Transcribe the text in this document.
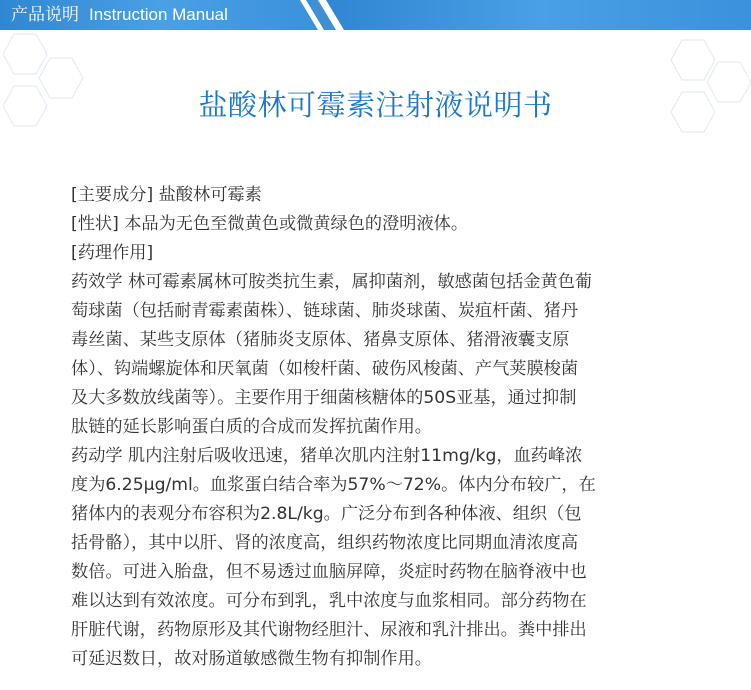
产品说明 Instruction Manual
盐酸林可霉素注射液说明书

[主要成分] 盐酸林可霉素

[性状] 本品为无色至微黄色或微黄绿色的澄明液体。

[药理作用]

药效学 林可霉素属林可胺类抗生素，属抑菌剂，敏感菌包括金黄色葡
萄球菌（包括耐青霉素菌株）、链球菌、肺炎球菌、炭疽杆菌、猪丹
毒丝菌、某些支原体（猪肺炎支原体、猪鼻支原体、猪滑液囊支原
体）、钩端螺旋体和厌氧菌（如梭杆菌、破伤风梭菌、产气荚膜梭菌
及大多数放线菌等）。主要作用于细菌核糖体的50S亚基，通过抑制
肽链的延长影响蛋白质的合成而发挥抗菌作用。

药动学 肌内注射后吸收迅速，猪单次肌内注射11mg/kg，血药峰浓
度为6.25μg/ml。血浆蛋白结合率为57%～72%。体内分布较广，在
猪体内的表观分布容积为2.8L/kg。广泛分布到各种体液、组织（包
括骨骼），其中以肝、肾的浓度高，组织药物浓度比同期血清浓度高
数倍。可进入胎盘，但不易透过血脑屏障，炎症时药物在脑脊液中也
难以达到有效浓度。可分布到乳，乳中浓度与血浆相同。部分药物在
肝脏代谢，药物原形及其代谢物经胆汁、尿液和乳汁排出。粪中排出
可延迟数日，故对肠道敏感微生物有抑制作用。
